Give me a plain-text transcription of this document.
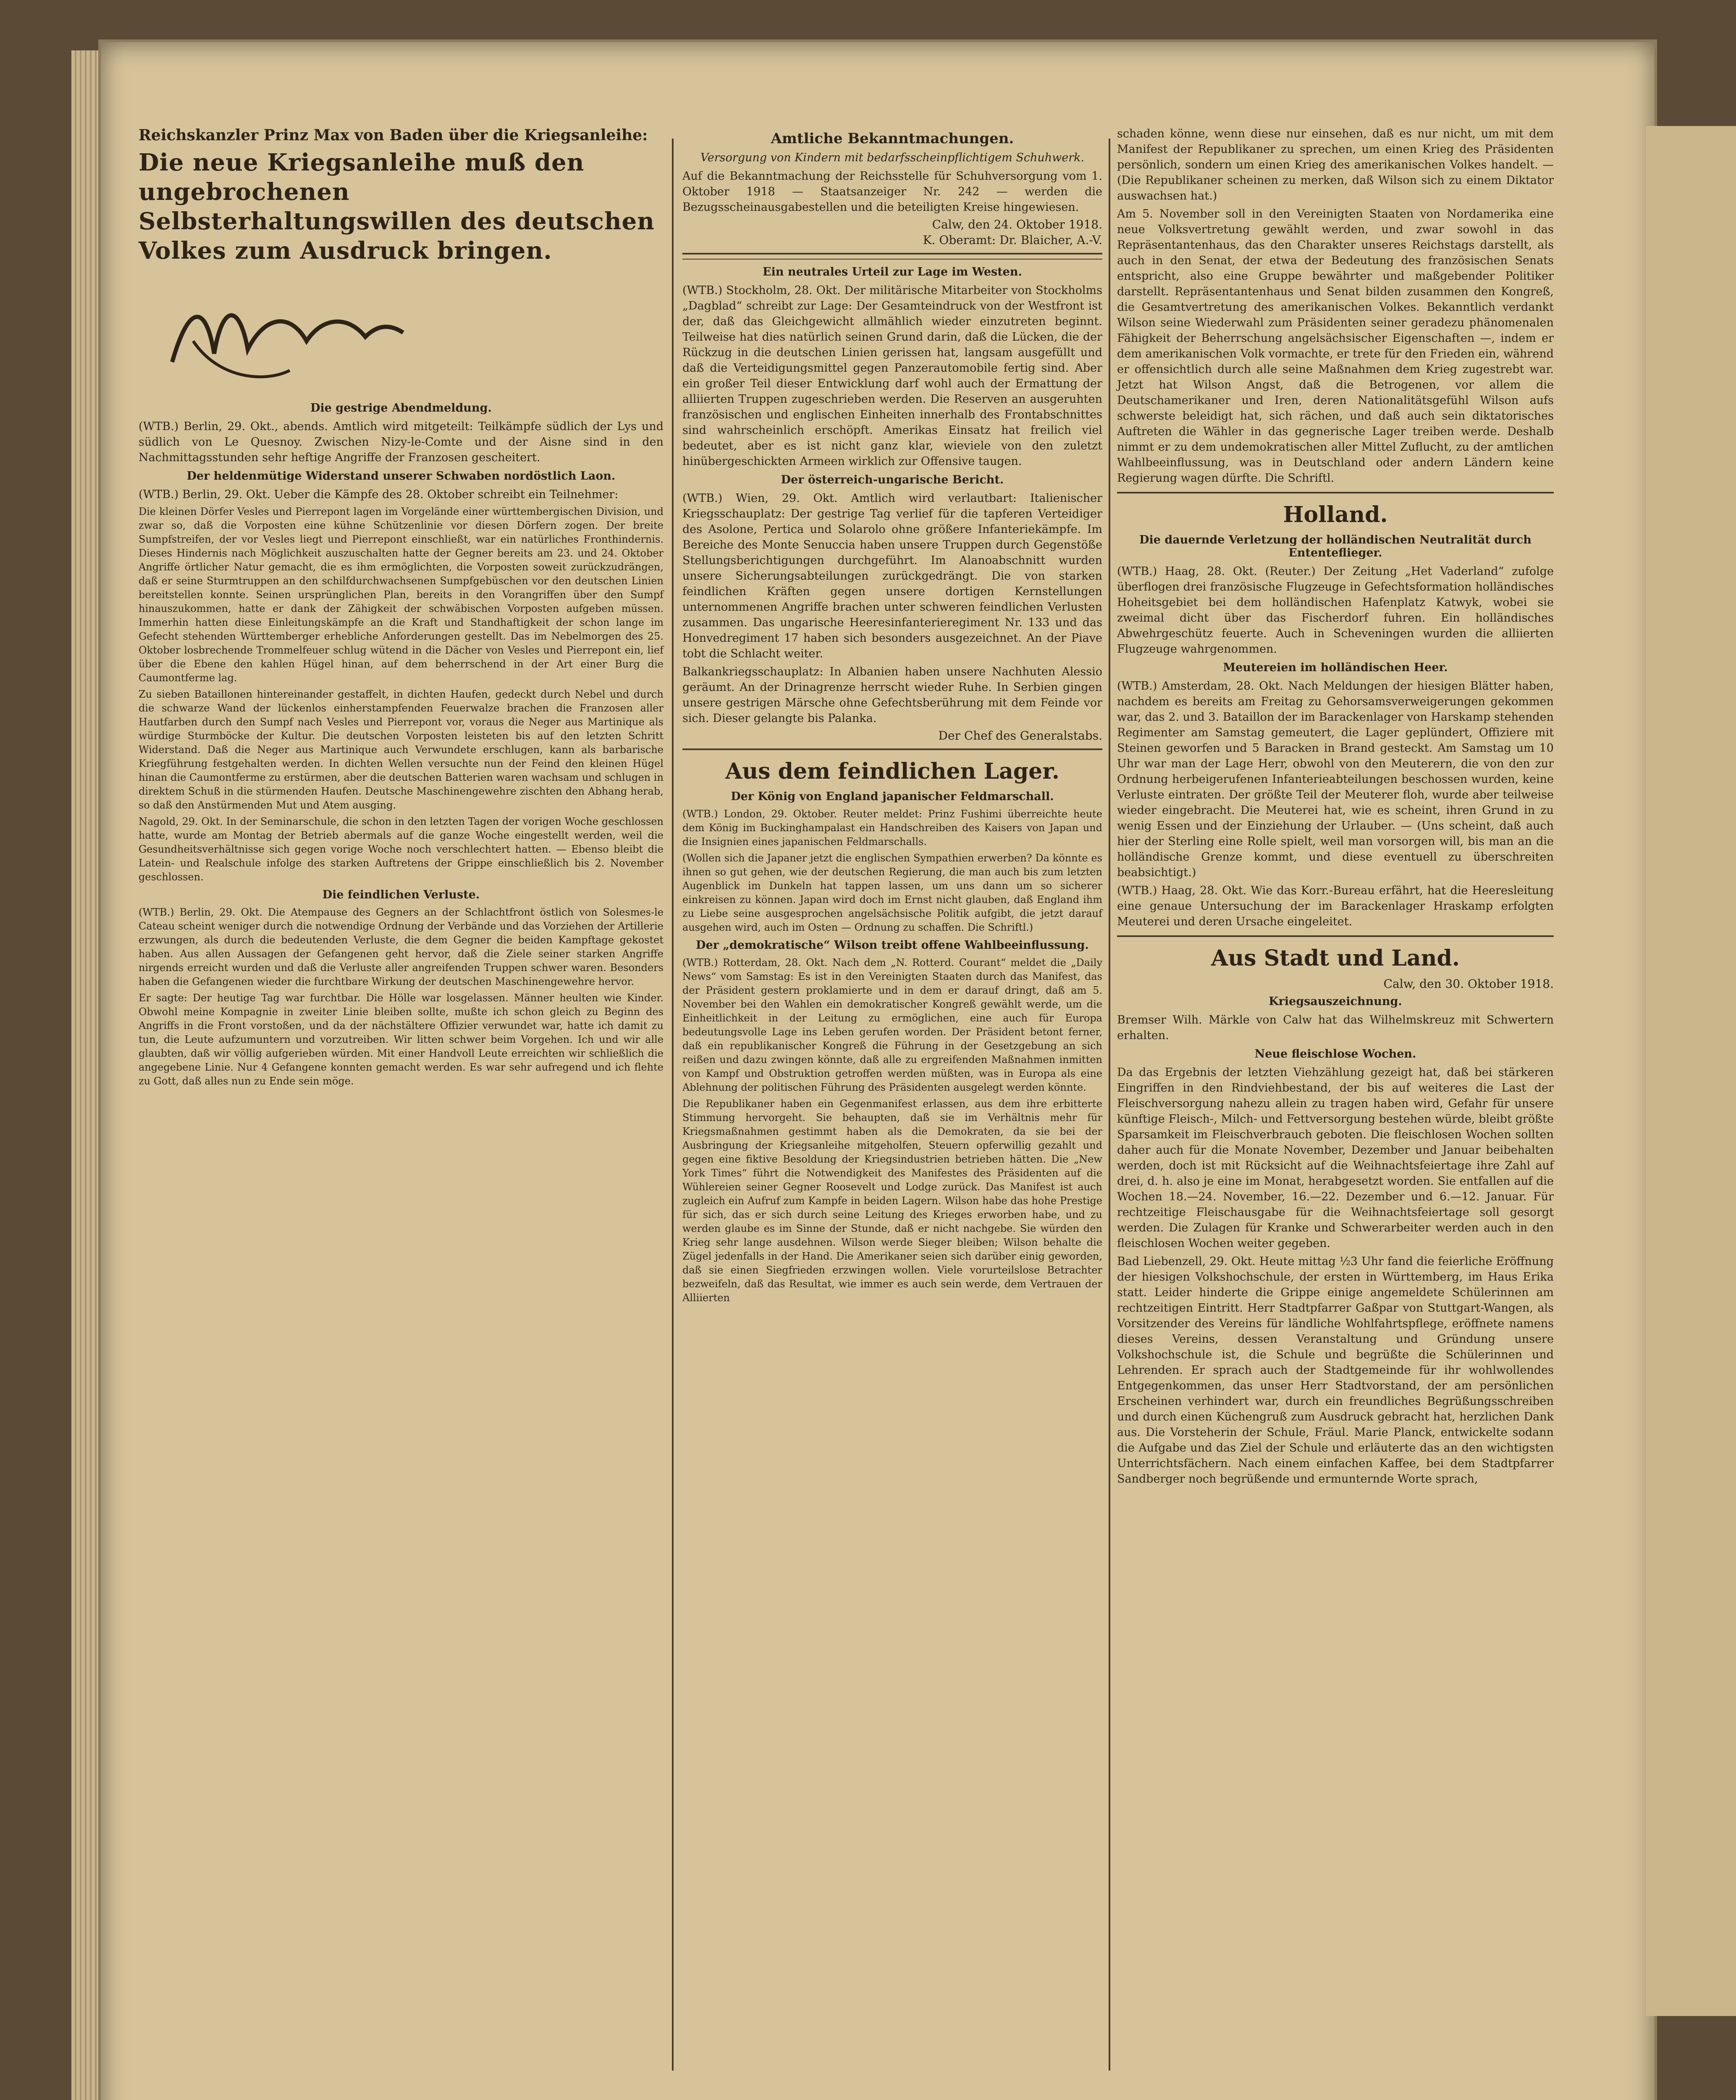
Reichskanzler Prinz Max von Baden über die Kriegsanleihe:
Die neue Kriegsanleihe muß den ungebrochenen Selbsterhaltungswillen des deutschen Volkes zum Ausdruck bringen.
Die gestrige Abendmeldung.

(WTB.) Berlin, 29. Okt., abends. Amtlich wird mitgeteilt: Teilkämpfe südlich der Lys und südlich von Le Quesnoy. Zwischen Nizy-le-Comte und der Aisne sind in den Nachmittagsstunden sehr heftige Angriffe der Franzosen gescheitert.

Der heldenmütige Widerstand unserer Schwaben nordöstlich Laon.

(WTB.) Berlin, 29. Okt. Ueber die Kämpfe des 28. Oktober schreibt ein Teilnehmer:

Die kleinen Dörfer Vesles und Pierrepont lagen im Vorgelände einer württembergischen Division, und zwar so, daß die Vorposten eine kühne Schützenlinie vor diesen Dörfern zogen. Der breite Sumpfstreifen, der vor Vesles liegt und Pierrepont einschließt, war ein natürliches Fronthindernis. Dieses Hindernis nach Möglichkeit auszuschalten hatte der Gegner bereits am 23. und 24. Oktober Angriffe örtlicher Natur gemacht, die es ihm ermöglichten, die Vorposten soweit zurückzudrängen, daß er seine Sturmtruppen an den schilfdurchwachsenen Sumpfgebüschen vor den deutschen Linien bereitstellen konnte. Seinen ursprünglichen Plan, bereits in den Vorangriffen über den Sumpf hinauszukommen, hatte er dank der Zähigkeit der schwäbischen Vorposten aufgeben müssen. Immerhin hatten diese Einleitungskämpfe an die Kraft und Standhaftigkeit der schon lange im Gefecht stehenden Württemberger erhebliche Anforderungen gestellt. Das im Nebelmorgen des 25. Oktober losbrechende Trommelfeuer schlug wütend in die Dächer von Vesles und Pierrepont ein, lief über die Ebene den kahlen Hügel hinan, auf dem beherrschend in der Art einer Burg die Caumontferme lag.

Zu sieben Bataillonen hintereinander gestaffelt, in dichten Haufen, gedeckt durch Nebel und durch die schwarze Wand der lückenlos einherstampfenden Feuerwalze brachen die Franzosen aller Hautfarben durch den Sumpf nach Vesles und Pierrepont vor, voraus die Neger aus Martinique als würdige Sturmböcke der Kultur. Die deutschen Vorposten leisteten bis auf den letzten Schritt Widerstand. Daß die Neger aus Martinique auch Verwundete erschlugen, kann als barbarische Kriegführung festgehalten werden. In dichten Wellen versuchte nun der Feind den kleinen Hügel hinan die Caumontferme zu erstürmen, aber die deutschen Batterien waren wachsam und schlugen in direktem Schuß in die stürmenden Haufen. Deutsche Maschinengewehre zischten den Abhang herab, so daß den Anstürmenden Mut und Atem ausging.

Nagold, 29. Okt. In der Seminarschule, die schon in den letzten Tagen der vorigen Woche geschlossen hatte, wurde am Montag der Betrieb abermals auf die ganze Woche eingestellt werden, weil die Gesundheitsverhältnisse sich gegen vorige Woche noch verschlechtert hatten. — Ebenso bleibt die Latein- und Realschule infolge des starken Auftretens der Grippe einschließlich bis 2. November geschlossen.

Die feindlichen Verluste.

(WTB.) Berlin, 29. Okt. Die Atempause des Gegners an der Schlachtfront östlich von Solesmes-le Cateau scheint weniger durch die notwendige Ordnung der Verbände und das Vorziehen der Artillerie erzwungen, als durch die bedeutenden Verluste, die dem Gegner die beiden Kampftage gekostet haben. Aus allen Aussagen der Gefangenen geht hervor, daß die Ziele seiner starken Angriffe nirgends erreicht wurden und daß die Verluste aller angreifenden Truppen schwer waren. Besonders haben die Gefangenen wieder die furchtbare Wirkung der deutschen Maschinengewehre hervor.

Er sagte: Der heutige Tag war furchtbar. Die Hölle war losgelassen. Männer heulten wie Kinder. Obwohl meine Kompagnie in zweiter Linie bleiben sollte, mußte ich schon gleich zu Beginn des Angriffs in die Front vorstoßen, und da der nächstältere Offizier verwundet war, hatte ich damit zu tun, die Leute aufzumuntern und vorzutreiben. Wir litten schwer beim Vorgehen. Ich und wir alle glaubten, daß wir völlig aufgerieben würden. Mit einer Handvoll Leute erreichten wir schließlich die angegebene Linie. Nur 4 Gefangene konnten gemacht werden. Es war sehr aufregend und ich flehte zu Gott, daß alles nun zu Ende sein möge.

Amtliche Bekanntmachungen.
Versorgung von Kindern mit bedarfsscheinpflichtigem Schuhwerk.

Auf die Bekanntmachung der Reichsstelle für Schuhversorgung vom 1. Oktober 1918 — Staatsanzeiger Nr. 242 — werden die Bezugsscheinausgabestellen und die beteiligten Kreise hingewiesen.

Calw, den 24. Oktober 1918.
K. Oberamt: Dr. Blaicher, A.-V.
Ein neutrales Urteil zur Lage im Westen.

(WTB.) Stockholm, 28. Okt. Der militärische Mitarbeiter von Stockholms „Dagblad“ schreibt zur Lage: Der Gesamteindruck von der Westfront ist der, daß das Gleichgewicht allmählich wieder einzutreten beginnt. Teilweise hat dies natürlich seinen Grund darin, daß die Lücken, die der Rückzug in die deutschen Linien gerissen hat, langsam ausgefüllt und daß die Verteidigungsmittel gegen Panzerautomobile fertig sind. Aber ein großer Teil dieser Entwicklung darf wohl auch der Ermattung der alliierten Truppen zugeschrieben werden. Die Reserven an ausgeruhten französischen und englischen Einheiten innerhalb des Frontabschnittes sind wahrscheinlich erschöpft. Amerikas Einsatz hat freilich viel bedeutet, aber es ist nicht ganz klar, wieviele von den zuletzt hinübergeschickten Armeen wirklich zur Offensive taugen.

Der österreich-ungarische Bericht.

(WTB.) Wien, 29. Okt. Amtlich wird verlautbart: Italienischer Kriegsschauplatz: Der gestrige Tag verlief für die tapferen Verteidiger des Asolone, Pertica und Solarolo ohne größere Infanteriekämpfe. Im Bereiche des Monte Senuccia haben unsere Truppen durch Gegenstöße Stellungsberichtigungen durchgeführt. Im Alanoabschnitt wurden unsere Sicherungsabteilungen zurückgedrängt. Die von starken feindlichen Kräften gegen unsere dortigen Kernstellungen unternommenen Angriffe brachen unter schweren feindlichen Verlusten zusammen. Das ungarische Heeresinfanterieregiment Nr. 133 und das Honvedregiment 17 haben sich besonders ausgezeichnet. An der Piave tobt die Schlacht weiter.

Balkankriegsschauplatz: In Albanien haben unsere Nachhuten Alessio geräumt. An der Drinagrenze herrscht wieder Ruhe. In Serbien gingen unsere gestrigen Märsche ohne Gefechtsberührung mit dem Feinde vor sich. Dieser gelangte bis Palanka.

Der Chef des Generalstabs.
Aus dem feindlichen Lager.
Der König von England japanischer Feldmarschall.

(WTB.) London, 29. Oktober. Reuter meldet: Prinz Fushimi überreichte heute dem König im Buckinghampalast ein Handschreiben des Kaisers von Japan und die Insignien eines japanischen Feldmarschalls.

(Wollen sich die Japaner jetzt die englischen Sympathien erwerben? Da könnte es ihnen so gut gehen, wie der deutschen Regierung, die man auch bis zum letzten Augenblick im Dunkeln hat tappen lassen, um uns dann um so sicherer einkreisen zu können. Japan wird doch im Ernst nicht glauben, daß England ihm zu Liebe seine ausgesprochen angelsächsische Politik aufgibt, die jetzt darauf ausgehen wird, auch im Osten — Ordnung zu schaffen. Die Schriftl.)

Der „demokratische“ Wilson treibt offene Wahlbeeinflussung.

(WTB.) Rotterdam, 28. Okt. Nach dem „N. Rotterd. Courant“ meldet die „Daily News“ vom Samstag: Es ist in den Vereinigten Staaten durch das Manifest, das der Präsident gestern proklamierte und in dem er darauf dringt, daß am 5. November bei den Wahlen ein demokratischer Kongreß gewählt werde, um die Einheitlichkeit in der Leitung zu ermöglichen, eine auch für Europa bedeutungsvolle Lage ins Leben gerufen worden. Der Präsident betont ferner, daß ein republikanischer Kongreß die Führung in der Gesetzgebung an sich reißen und dazu zwingen könnte, daß alle zu ergreifenden Maßnahmen inmitten von Kampf und Obstruktion getroffen werden müßten, was in Europa als eine Ablehnung der politischen Führung des Präsidenten ausgelegt werden könnte.

Die Republikaner haben ein Gegenmanifest erlassen, aus dem ihre erbitterte Stimmung hervorgeht. Sie behaupten, daß sie im Verhältnis mehr für Kriegsmaßnahmen gestimmt haben als die Demokraten, da sie bei der Ausbringung der Kriegsanleihe mitgeholfen, Steuern opferwillig gezahlt und gegen eine fiktive Besoldung der Kriegsindustrien betrieben hätten. Die „New York Times“ führt die Notwendigkeit des Manifestes des Präsidenten auf die Wühlereien seiner Gegner Roosevelt und Lodge zurück. Das Manifest ist auch zugleich ein Aufruf zum Kampfe in beiden Lagern. Wilson habe das hohe Prestige für sich, das er sich durch seine Leitung des Krieges erworben habe, und zu werden glaube es im Sinne der Stunde, daß er nicht nachgebe. Sie würden den Krieg sehr lange ausdehnen. Wilson werde Sieger bleiben; Wilson behalte die Zügel jedenfalls in der Hand. Die Amerikaner seien sich darüber einig geworden, daß sie einen Siegfrieden erzwingen wollen. Viele vorurteilslose Betrachter bezweifeln, daß das Resultat, wie immer es auch sein werde, dem Vertrauen der Alliierten

schaden könne, wenn diese nur einsehen, daß es nur nicht, um mit dem Manifest der Republikaner zu sprechen, um einen Krieg des Präsidenten persönlich, sondern um einen Krieg des amerikanischen Volkes handelt. — (Die Republikaner scheinen zu merken, daß Wilson sich zu einem Diktator auswachsen hat.)

Am 5. November soll in den Vereinigten Staaten von Nordamerika eine neue Volksvertretung gewählt werden, und zwar sowohl in das Repräsentantenhaus, das den Charakter unseres Reichstags darstellt, als auch in den Senat, der etwa der Bedeutung des französischen Senats entspricht, also eine Gruppe bewährter und maßgebender Politiker darstellt. Repräsentantenhaus und Senat bilden zusammen den Kongreß, die Gesamtvertretung des amerikanischen Volkes. Bekanntlich verdankt Wilson seine Wiederwahl zum Präsidenten seiner geradezu phänomenalen Fähigkeit der Beherrschung angelsächsischer Eigenschaften —, indem er dem amerikanischen Volk vormachte, er trete für den Frieden ein, während er offensichtlich durch alle seine Maßnahmen dem Krieg zugestrebt war. Jetzt hat Wilson Angst, daß die Betrogenen, vor allem die Deutschamerikaner und Iren, deren Nationalitätsgefühl Wilson aufs schwerste beleidigt hat, sich rächen, und daß auch sein diktatorisches Auftreten die Wähler in das gegnerische Lager treiben werde. Deshalb nimmt er zu dem undemokratischen aller Mittel Zuflucht, zu der amtlichen Wahlbeeinflussung, was in Deutschland oder andern Ländern keine Regierung wagen dürfte. Die Schriftl.

Holland.
Die dauernde Verletzung der holländischen Neutralität durch Ententeflieger.

(WTB.) Haag, 28. Okt. (Reuter.) Der Zeitung „Het Vaderland“ zufolge überflogen drei französische Flugzeuge in Gefechtsformation holländisches Hoheitsgebiet bei dem holländischen Hafenplatz Katwyk, wobei sie zweimal dicht über das Fischerdorf fuhren. Ein holländisches Abwehrgeschütz feuerte. Auch in Scheveningen wurden die alliierten Flugzeuge wahrgenommen.

Meutereien im holländischen Heer.

(WTB.) Amsterdam, 28. Okt. Nach Meldungen der hiesigen Blätter haben, nachdem es bereits am Freitag zu Gehorsamsverweigerungen gekommen war, das 2. und 3. Bataillon der im Barackenlager von Harskamp stehenden Regimenter am Samstag gemeutert, die Lager geplündert, Offiziere mit Steinen geworfen und 5 Baracken in Brand gesteckt. Am Samstag um 10 Uhr war man der Lage Herr, obwohl von den Meuterern, die von den zur Ordnung herbeigerufenen Infanterieabteilungen beschossen wurden, keine Verluste eintraten. Der größte Teil der Meuterer floh, wurde aber teilweise wieder eingebracht. Die Meuterei hat, wie es scheint, ihren Grund in zu wenig Essen und der Einziehung der Urlauber. — (Uns scheint, daß auch hier der Sterling eine Rolle spielt, weil man vorsorgen will, bis man an die holländische Grenze kommt, und diese eventuell zu überschreiten beabsichtigt.)

(WTB.) Haag, 28. Okt. Wie das Korr.-Bureau erfährt, hat die Heeresleitung eine genaue Untersuchung der im Barackenlager Hraskamp erfolgten Meuterei und deren Ursache eingeleitet.

Aus Stadt und Land.
Calw, den 30. Oktober 1918.
Kriegsauszeichnung.

Bremser Wilh. Märkle von Calw hat das Wilhelmskreuz mit Schwertern erhalten.

Neue fleischlose Wochen.

Da das Ergebnis der letzten Viehzählung gezeigt hat, daß bei stärkeren Eingriffen in den Rindviehbestand, der bis auf weiteres die Last der Fleischversorgung nahezu allein zu tragen haben wird, Gefahr für unsere künftige Fleisch-, Milch- und Fettversorgung bestehen würde, bleibt größte Sparsamkeit im Fleischverbrauch geboten. Die fleischlosen Wochen sollten daher auch für die Monate November, Dezember und Januar beibehalten werden, doch ist mit Rücksicht auf die Weihnachtsfeiertage ihre Zahl auf drei, d. h. also je eine im Monat, herabgesetzt worden. Sie entfallen auf die Wochen 18.—24. November, 16.—22. Dezember und 6.—12. Januar. Für rechtzeitige Fleischausgabe für die Weihnachtsfeiertage soll gesorgt werden. Die Zulagen für Kranke und Schwerarbeiter werden auch in den fleischlosen Wochen weiter gegeben.

Bad Liebenzell, 29. Okt. Heute mittag ½3 Uhr fand die feierliche Eröffnung der hiesigen Volkshochschule, der ersten in Württemberg, im Haus Erika statt. Leider hinderte die Grippe einige angemeldete Schülerinnen am rechtzeitigen Eintritt. Herr Stadtpfarrer Gaßpar von Stuttgart-Wangen, als Vorsitzender des Vereins für ländliche Wohlfahrtspflege, eröffnete namens dieses Vereins, dessen Veranstaltung und Gründung unsere Volkshochschule ist, die Schule und begrüßte die Schülerinnen und Lehrenden. Er sprach auch der Stadtgemeinde für ihr wohlwollendes Entgegenkommen, das unser Herr Stadtvorstand, der am persönlichen Erscheinen verhindert war, durch ein freundliches Begrüßungsschreiben und durch einen Küchengruß zum Ausdruck gebracht hat, herzlichen Dank aus. Die Vorsteherin der Schule, Fräul. Marie Planck, entwickelte sodann die Aufgabe und das Ziel der Schule und erläuterte das an den wichtigsten Unterrichtsfächern. Nach einem einfachen Kaffee, bei dem Stadtpfarrer Sandberger noch begrüßende und ermunternde Worte sprach,
